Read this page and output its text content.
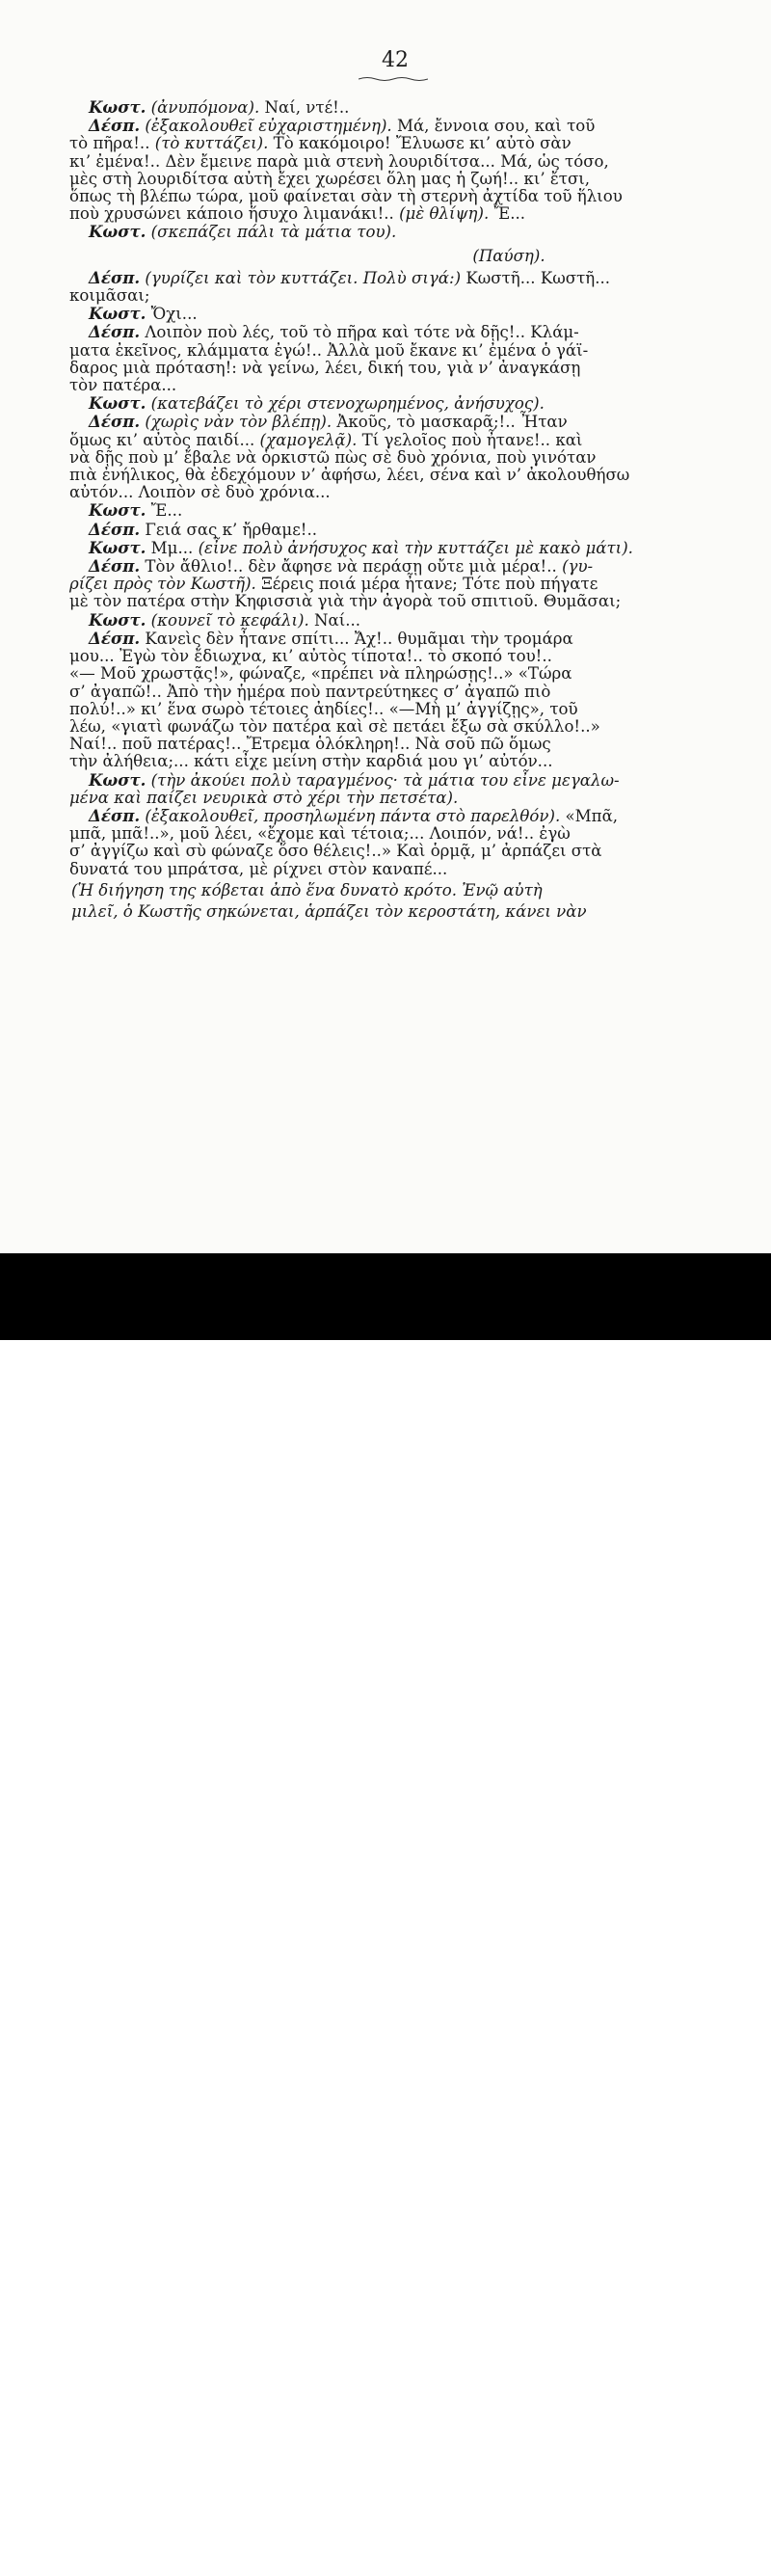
42
Κωστ. (ἀνυπόμονα). Ναί, ντέ!..
Δέσπ. (ἐξακολουθεῖ εὐχαριστημένη). Μά, ἔννοια σου, καὶ τοῦ
τὸ πῆρα!.. (τὸ κυττάζει). Τὸ κακόμοιρο! Ἔλυωσε κι’ αὐτὸ σὰν
κι’ ἐμένα!.. Δὲν ἔμεινε παρὰ μιὰ στενὴ λουριδίτσα... Μά, ὡς τόσο,
μὲς στὴ λουριδίτσα αὐτὴ ἔχει χωρέσει ὅλη μας ἡ ζωή!.. κι’ ἔτσι,
ὅπως τὴ βλέπω τώρα, μοῦ φαίνεται σὰν τὴ στερνὴ ἀχτίδα τοῦ ἥλιου
ποὺ χρυσώνει κάποιο ἥσυχο λιμανάκι!.. (μὲ θλίψη). Ἔ...
Κωστ. (σκεπάζει πάλι τὰ μάτια του).
(Παύση).
Δέσπ. (γυρίζει καὶ τὸν κυττάζει. Πολὺ σιγά:) Κωστῆ... Κωστῆ...
κοιμᾶσαι;
Κωστ. Ὄχι...
Δέσπ. Λοιπὸν ποὺ λές, τοῦ τὸ πῆρα καὶ τότε νὰ δῇς!.. Κλάμ-
ματα ἐκεῖνος, κλάμματα ἐγώ!.. Ἀλλὰ μοῦ ἔκανε κι’ ἐμένα ὁ γάϊ-
δαρος μιὰ πρόταση!: νὰ γείνω, λέει, δική του, γιὰ ν’ ἀναγκάσῃ
τὸν πατέρα...
Κωστ. (κατεβάζει τὸ χέρι στενοχωρημένος, ἀνήσυχος).
Δέσπ. (χωρὶς νὰν τὸν βλέπῃ). Ἀκοῦς, τὸ μασκαρᾶ;!.. Ἦταν
ὅμως κι’ αὐτὸς παιδί... (χαμογελᾷ). Τί γελοῖος ποὺ ἦτανε!.. καὶ
νὰ δῇς ποὺ μ’ ἔβαλε νὰ ὁρκιστῶ πὼς σὲ δυὸ χρόνια, ποὺ γινόταν
πιὰ ἐνήλικος, θὰ ἐδεχόμουν ν’ ἀφήσω, λέει, σένα καὶ ν’ ἀκολουθήσω
αὐτόν... Λοιπὸν σὲ δυὸ χρόνια...
Κωστ. Ἔ...
Δέσπ. Γειά σας κ’ ἤρθαμε!..
Κωστ. Μμ... (εἶνε πολὺ ἀνήσυχος καὶ τὴν κυττάζει μὲ κακὸ μάτι).
Δέσπ. Τὸν ἄθλιο!.. δὲν ἄφησε νὰ περάσῃ οὔτε μιὰ μέρα!.. (γυ-
ρίζει πρὸς τὸν Κωστῆ). Ξέρεις ποιά μέρα ἦτανε; Τότε ποὺ πήγατε
μὲ τὸν πατέρα στὴν Κηφισσιὰ γιὰ τὴν ἀγορὰ τοῦ σπιτιοῦ. Θυμᾶσαι;
Κωστ. (κουνεῖ τὸ κεφάλι). Ναί...
Δέσπ. Κανεὶς δὲν ἦτανε σπίτι... Ἄχ!.. θυμᾶμαι τὴν τρομάρα
μου... Ἐγὼ τὸν ἔδιωχνα, κι’ αὐτὸς τίποτα!.. τὸ σκοπό του!..
«— Μοῦ χρωστᾷς!», φώναζε, «πρέπει νὰ πληρώσῃς!..» «Τώρα
σ’ ἀγαπῶ!.. Ἀπὸ τὴν ἡμέρα ποὺ παντρεύτηκες σ’ ἀγαπῶ πιὸ
πολύ!..» κι’ ἕνα σωρὸ τέτοιες ἀηδίες!.. «—Μὴ μ’ ἀγγίζῃς», τοῦ
λέω, «γιατὶ φωνάζω τὸν πατέρα καὶ σὲ πετάει ἔξω σὰ σκύλλο!..»
Ναί!.. ποῦ πατέρας!.. Ἔτρεμα ὁλόκληρη!.. Νὰ σοῦ πῶ ὅμως
τὴν ἀλήθεια;... κάτι εἶχε μείνη στὴν καρδιά μου γι’ αὐτόν...
Κωστ. (τὴν ἀκούει πολὺ ταραγμένος· τὰ μάτια του εἶνε μεγαλω-
μένα καὶ παίζει νευρικὰ στὸ χέρι τὴν πετσέτα).
Δέσπ. (ἐξακολουθεῖ, προσηλωμένη πάντα στὸ παρελθόν). «Μπᾶ,
μπᾶ, μπᾶ!..», μοῦ λέει, «ἔχομε καὶ τέτοια;... Λοιπόν, νά!.. ἐγὼ
σ’ ἀγγίζω καὶ σὺ φώναζε ὅσο θέλεις!..» Καὶ ὁρμᾷ, μ’ ἀρπάζει στὰ
δυνατά του μπράτσα, μὲ ρίχνει στὸν καναπέ...
(Ἡ διήγηση της κόβεται ἀπὸ ἕνα δυνατὸ κρότο. Ἐνῷ αὐτὴ
μιλεῖ, ὁ Κωστῆς σηκώνεται, ἁρπάζει τὸν κεροστάτη, κάνει νὰν
alamy	PBJWKG
www.alamy.com
